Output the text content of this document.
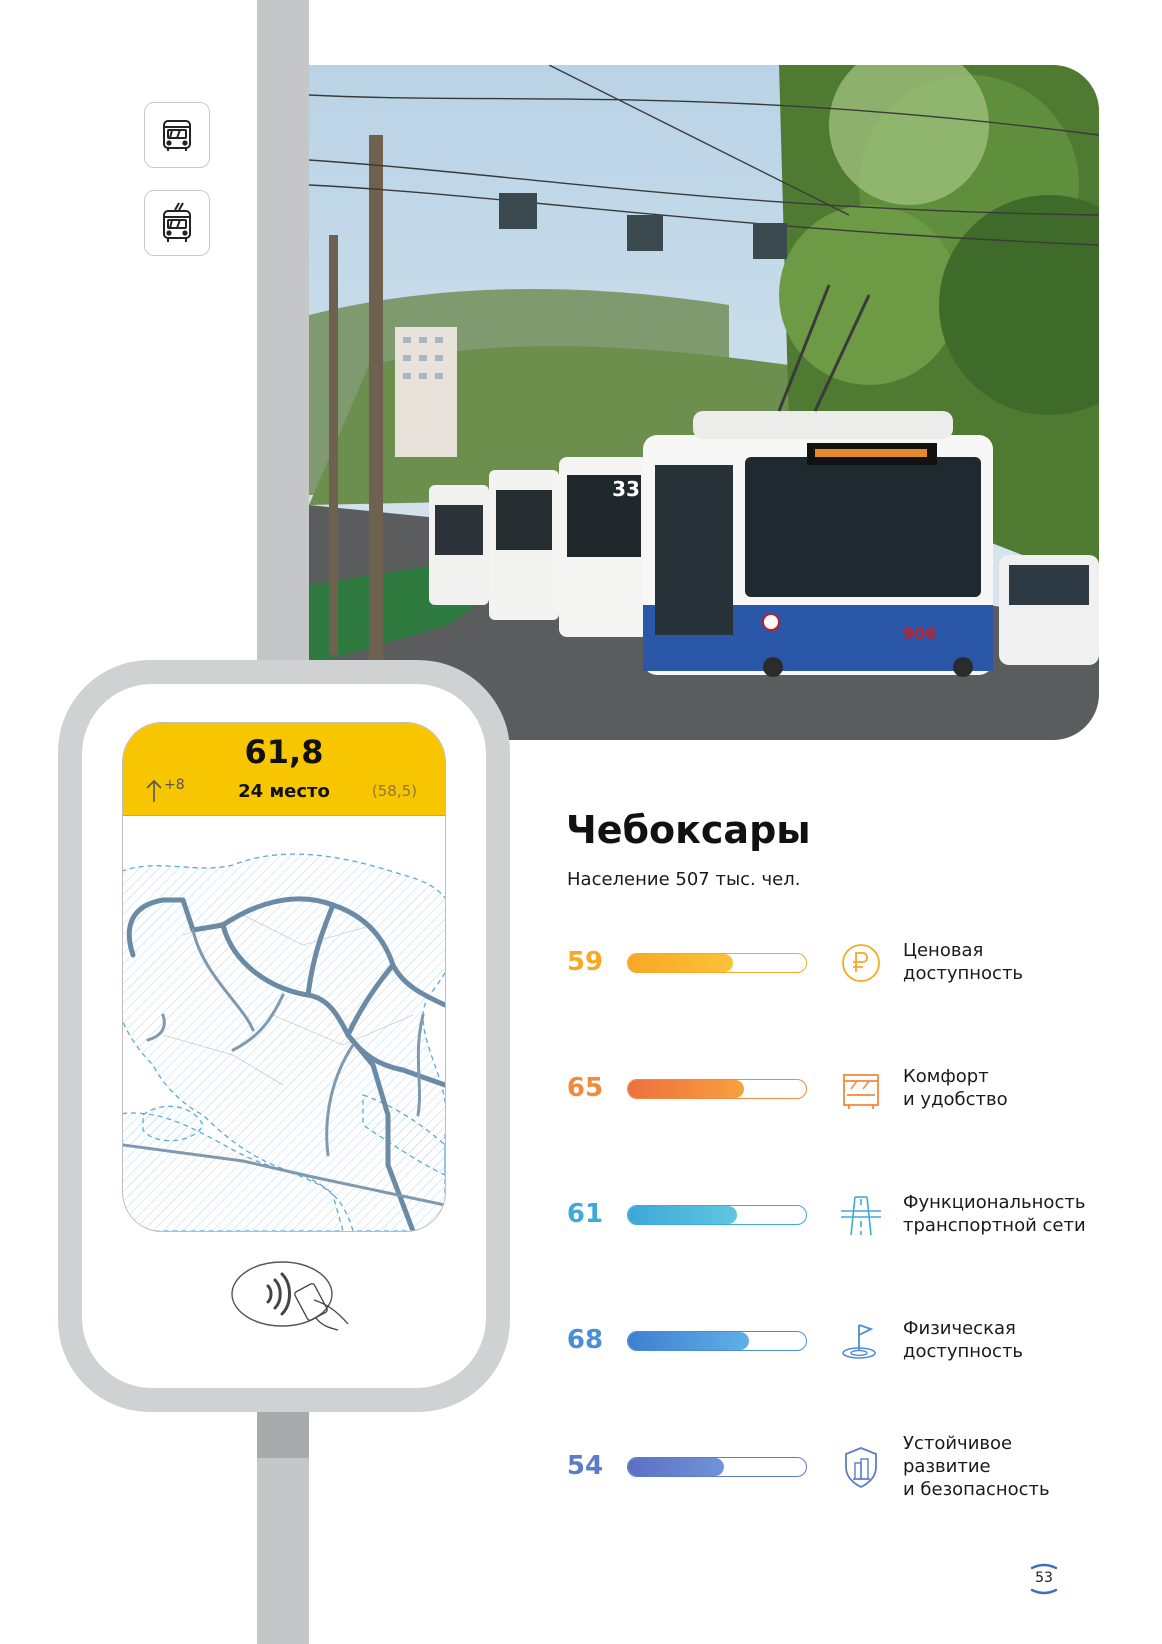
33
906
61,8
+8	24 место	(58,5)
Чебоксары
Население 507 тыс. чел.
59	Ценовая
доступность
65	Комфорт
и удобство
61	Функциональность
транспортной сети
68	Физическая
доступность
54
Устойчивое
развитие
и безопасность
53
